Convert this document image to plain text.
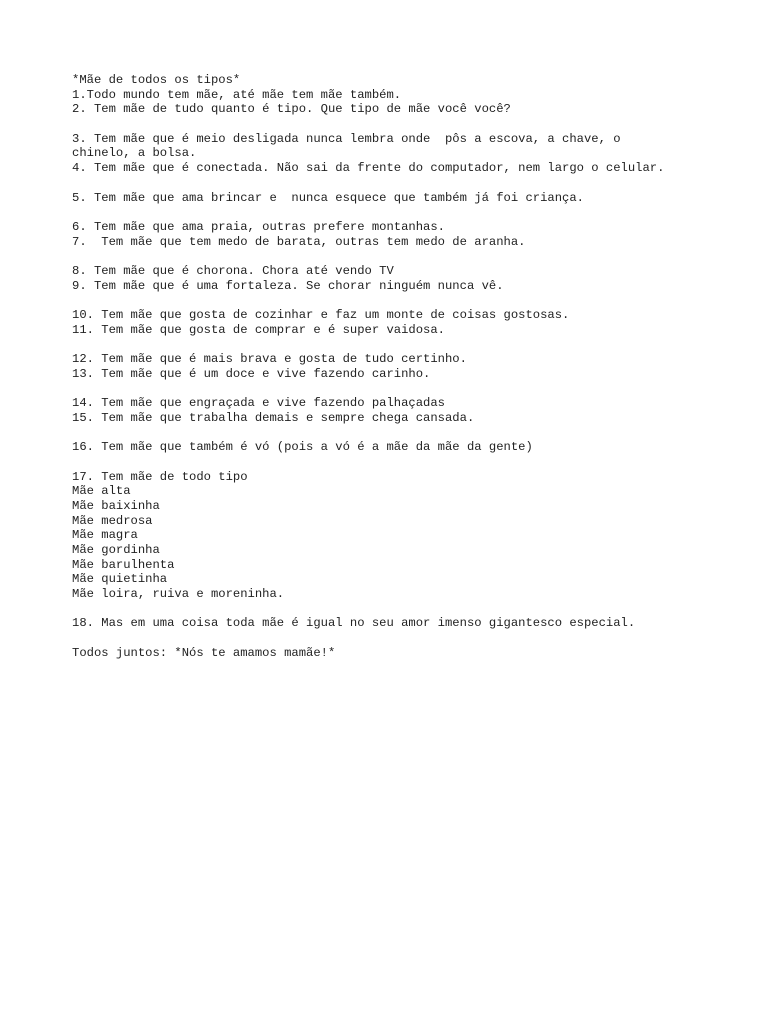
*Mãe de todos os tipos*
1.Todo mundo tem mãe, até mãe tem mãe também.
2. Tem mãe de tudo quanto é tipo. Que tipo de mãe você você?
3. Tem mãe que é meio desligada nunca lembra onde  pôs a escova, a chave, o
chinelo, a bolsa.
4. Tem mãe que é conectada. Não sai da frente do computador, nem largo o celular.
5. Tem mãe que ama brincar e  nunca esquece que também já foi criança.
6. Tem mãe que ama praia, outras prefere montanhas.
7.  Tem mãe que tem medo de barata, outras tem medo de aranha.
8. Tem mãe que é chorona. Chora até vendo TV
9. Tem mãe que é uma fortaleza. Se chorar ninguém nunca vê.
10. Tem mãe que gosta de cozinhar e faz um monte de coisas gostosas.
11. Tem mãe que gosta de comprar e é super vaidosa.
12. Tem mãe que é mais brava e gosta de tudo certinho.
13. Tem mãe que é um doce e vive fazendo carinho.
14. Tem mãe que engraçada e vive fazendo palhaçadas
15. Tem mãe que trabalha demais e sempre chega cansada.
16. Tem mãe que também é vó (pois a vó é a mãe da mãe da gente)
17. Tem mãe de todo tipo
Mãe alta
Mãe baixinha
Mãe medrosa
Mãe magra
Mãe gordinha
Mãe barulhenta
Mãe quietinha
Mãe loira, ruiva e moreninha.
18. Mas em uma coisa toda mãe é igual no seu amor imenso gigantesco especial.
Todos juntos: *Nós te amamos mamãe!*
